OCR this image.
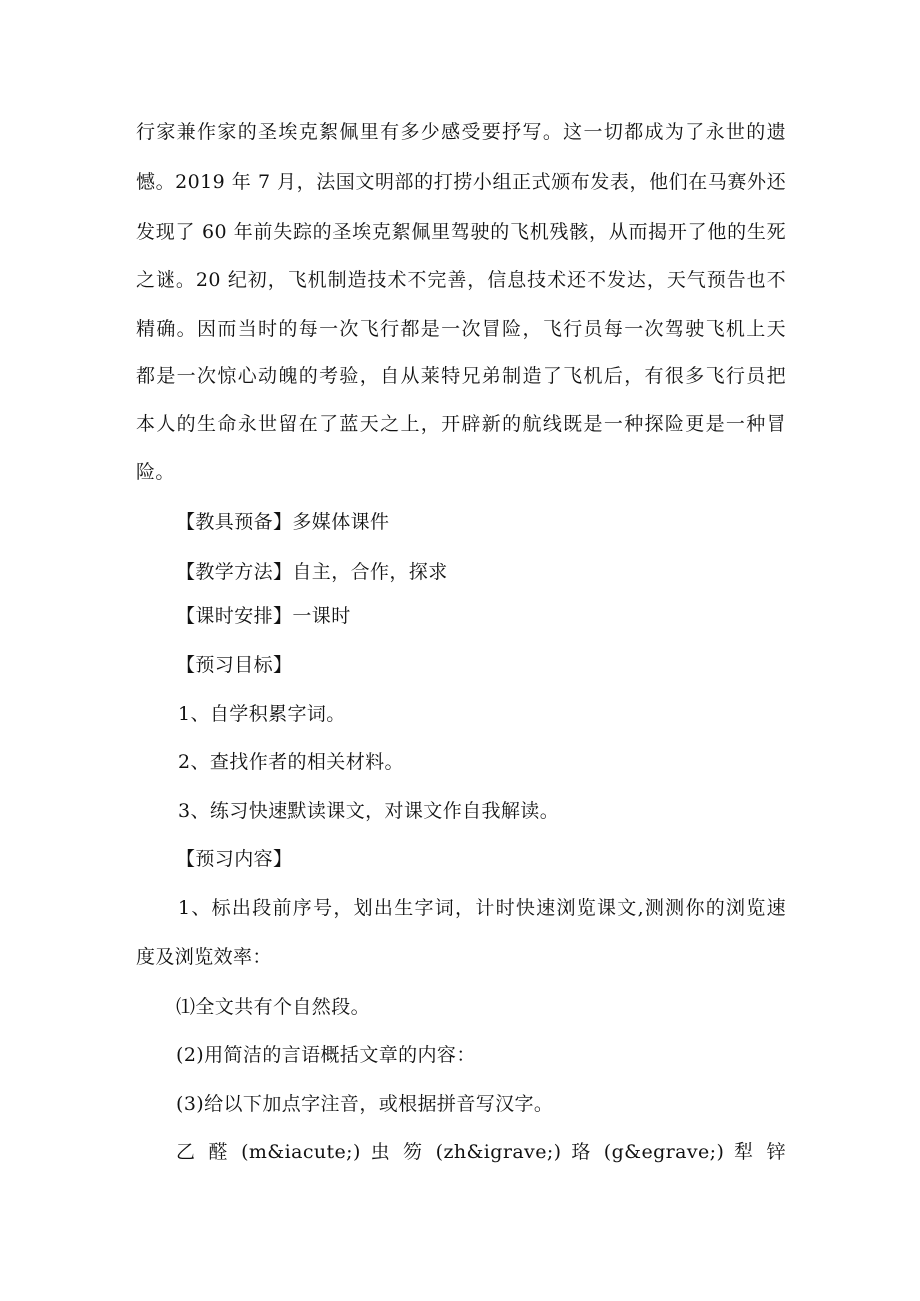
行家兼作家的圣埃克絮佩里有多少感受要抒写。这一切都成为了永世的遗
憾。2019 年 7 月，法国文明部的打捞小组正式颁布发表，他们在马赛外还
发现了 60 年前失踪的圣埃克絮佩里驾驶的飞机残骸，从而揭开了他的生死
之谜。20 纪初，飞机制造技术不完善，信息技术还不发达，天气预告也不
精确。因而当时的每一次飞行都是一次冒险，飞行员每一次驾驶飞机上天
都是一次惊心动魄的考验，自从莱特兄弟制造了飞机后，有很多飞行员把
本人的生命永世留在了蓝天之上，开辟新的航线既是一种探险更是一种冒
险。
【教具预备】多媒体课件
【教学方法】自主，合作，探求
【课时安排】一课时
【预习目标】
1、自学积累字词。
2、查找作者的相关材料。
3、练习快速默读课文，对课文作自我解读。
【预习内容】
1、标出段前序号，划出生字词，计时快速浏览课文,测测你的浏览速
度及浏览效率：
⑴全文共有个自然段。
(2)用简洁的言语概括文章的内容：
(3)给以下加点字注音，或根据拼音写汉字。
乙 醛 (m&iacute;) 虫 笏 (zh&igrave;) 珞 (g&egrave;) 犁 锌
